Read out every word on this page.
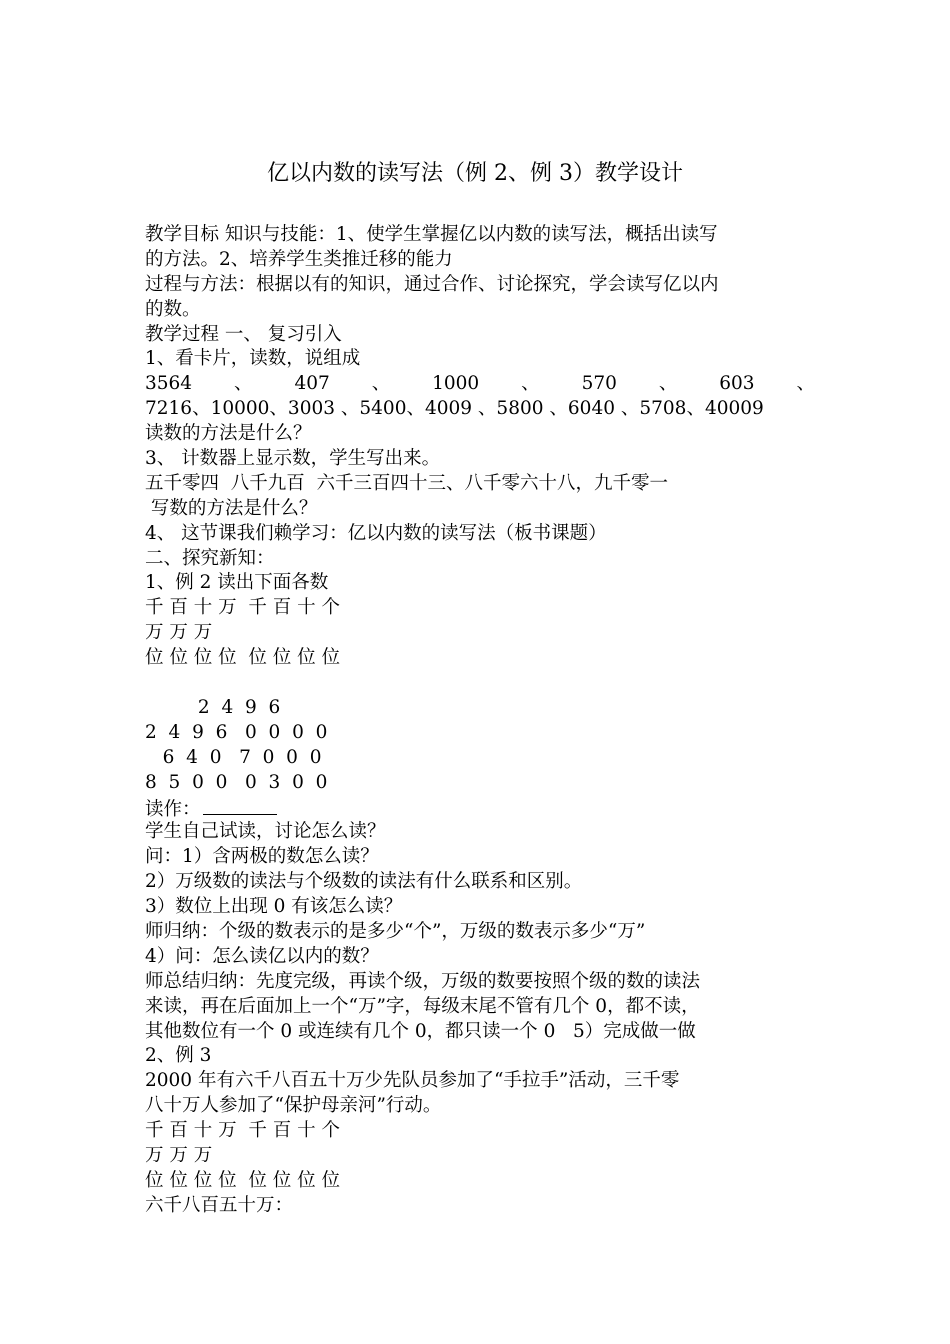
亿以内数的读写法（例 2、例 3）教学设计
教学目标 知识与技能：1、使学生掌握亿以内数的读写法，概括出读写
的方法。2、培养学生类推迁移的能力
过程与方法：根据以有的知识，通过合作、讨论探究，学会读写亿以内
的数。
教学过程 一、 复习引入
1、看卡片，读数，说组成
3564 、 407 、 1000 、 570 、 603 、
7216、10000、3003 、5400、4009 、5800 、6040 、5708、40009
读数的方法是什么？
3、 计数器上显示数，学生写出来。
五千零四  八千九百  六千三百四十三、八千零六十八，九千零一
写数的方法是什么？
4、 这节课我们赖学习：亿以内数的读写法（板书课题）
二、探究新知：
1、例 2 读出下面各数
千 百 十 万  千 百 十 个
万 万 万
位 位 位 位  位 位 位 位
2  4  9  6
2  4  9  6   0  0  0  0
6  4  0   7  0  0  0
8  5  0  0   0  3  0  0
读作：
学生自己试读，讨论怎么读？
问：1）含两极的数怎么读？
2）万级数的读法与个级数的读法有什么联系和区别。
3）数位上出现 0 有该怎么读？
师归纳：个级的数表示的是多少“个”，万级的数表示多少“万”
4）问：怎么读亿以内的数？
师总结归纳：先度完级，再读个级，万级的数要按照个级的数的读法
来读，再在后面加上一个“万”字，每级末尾不管有几个 0，都不读，
其他数位有一个 0 或连续有几个 0，都只读一个 0   5）完成做一做
2、例 3
2000 年有六千八百五十万少先队员参加了“手拉手”活动，三千零
八十万人参加了“保护母亲河”行动。
千 百 十 万  千 百 十 个
万 万 万
位 位 位 位  位 位 位 位
六千八百五十万：
